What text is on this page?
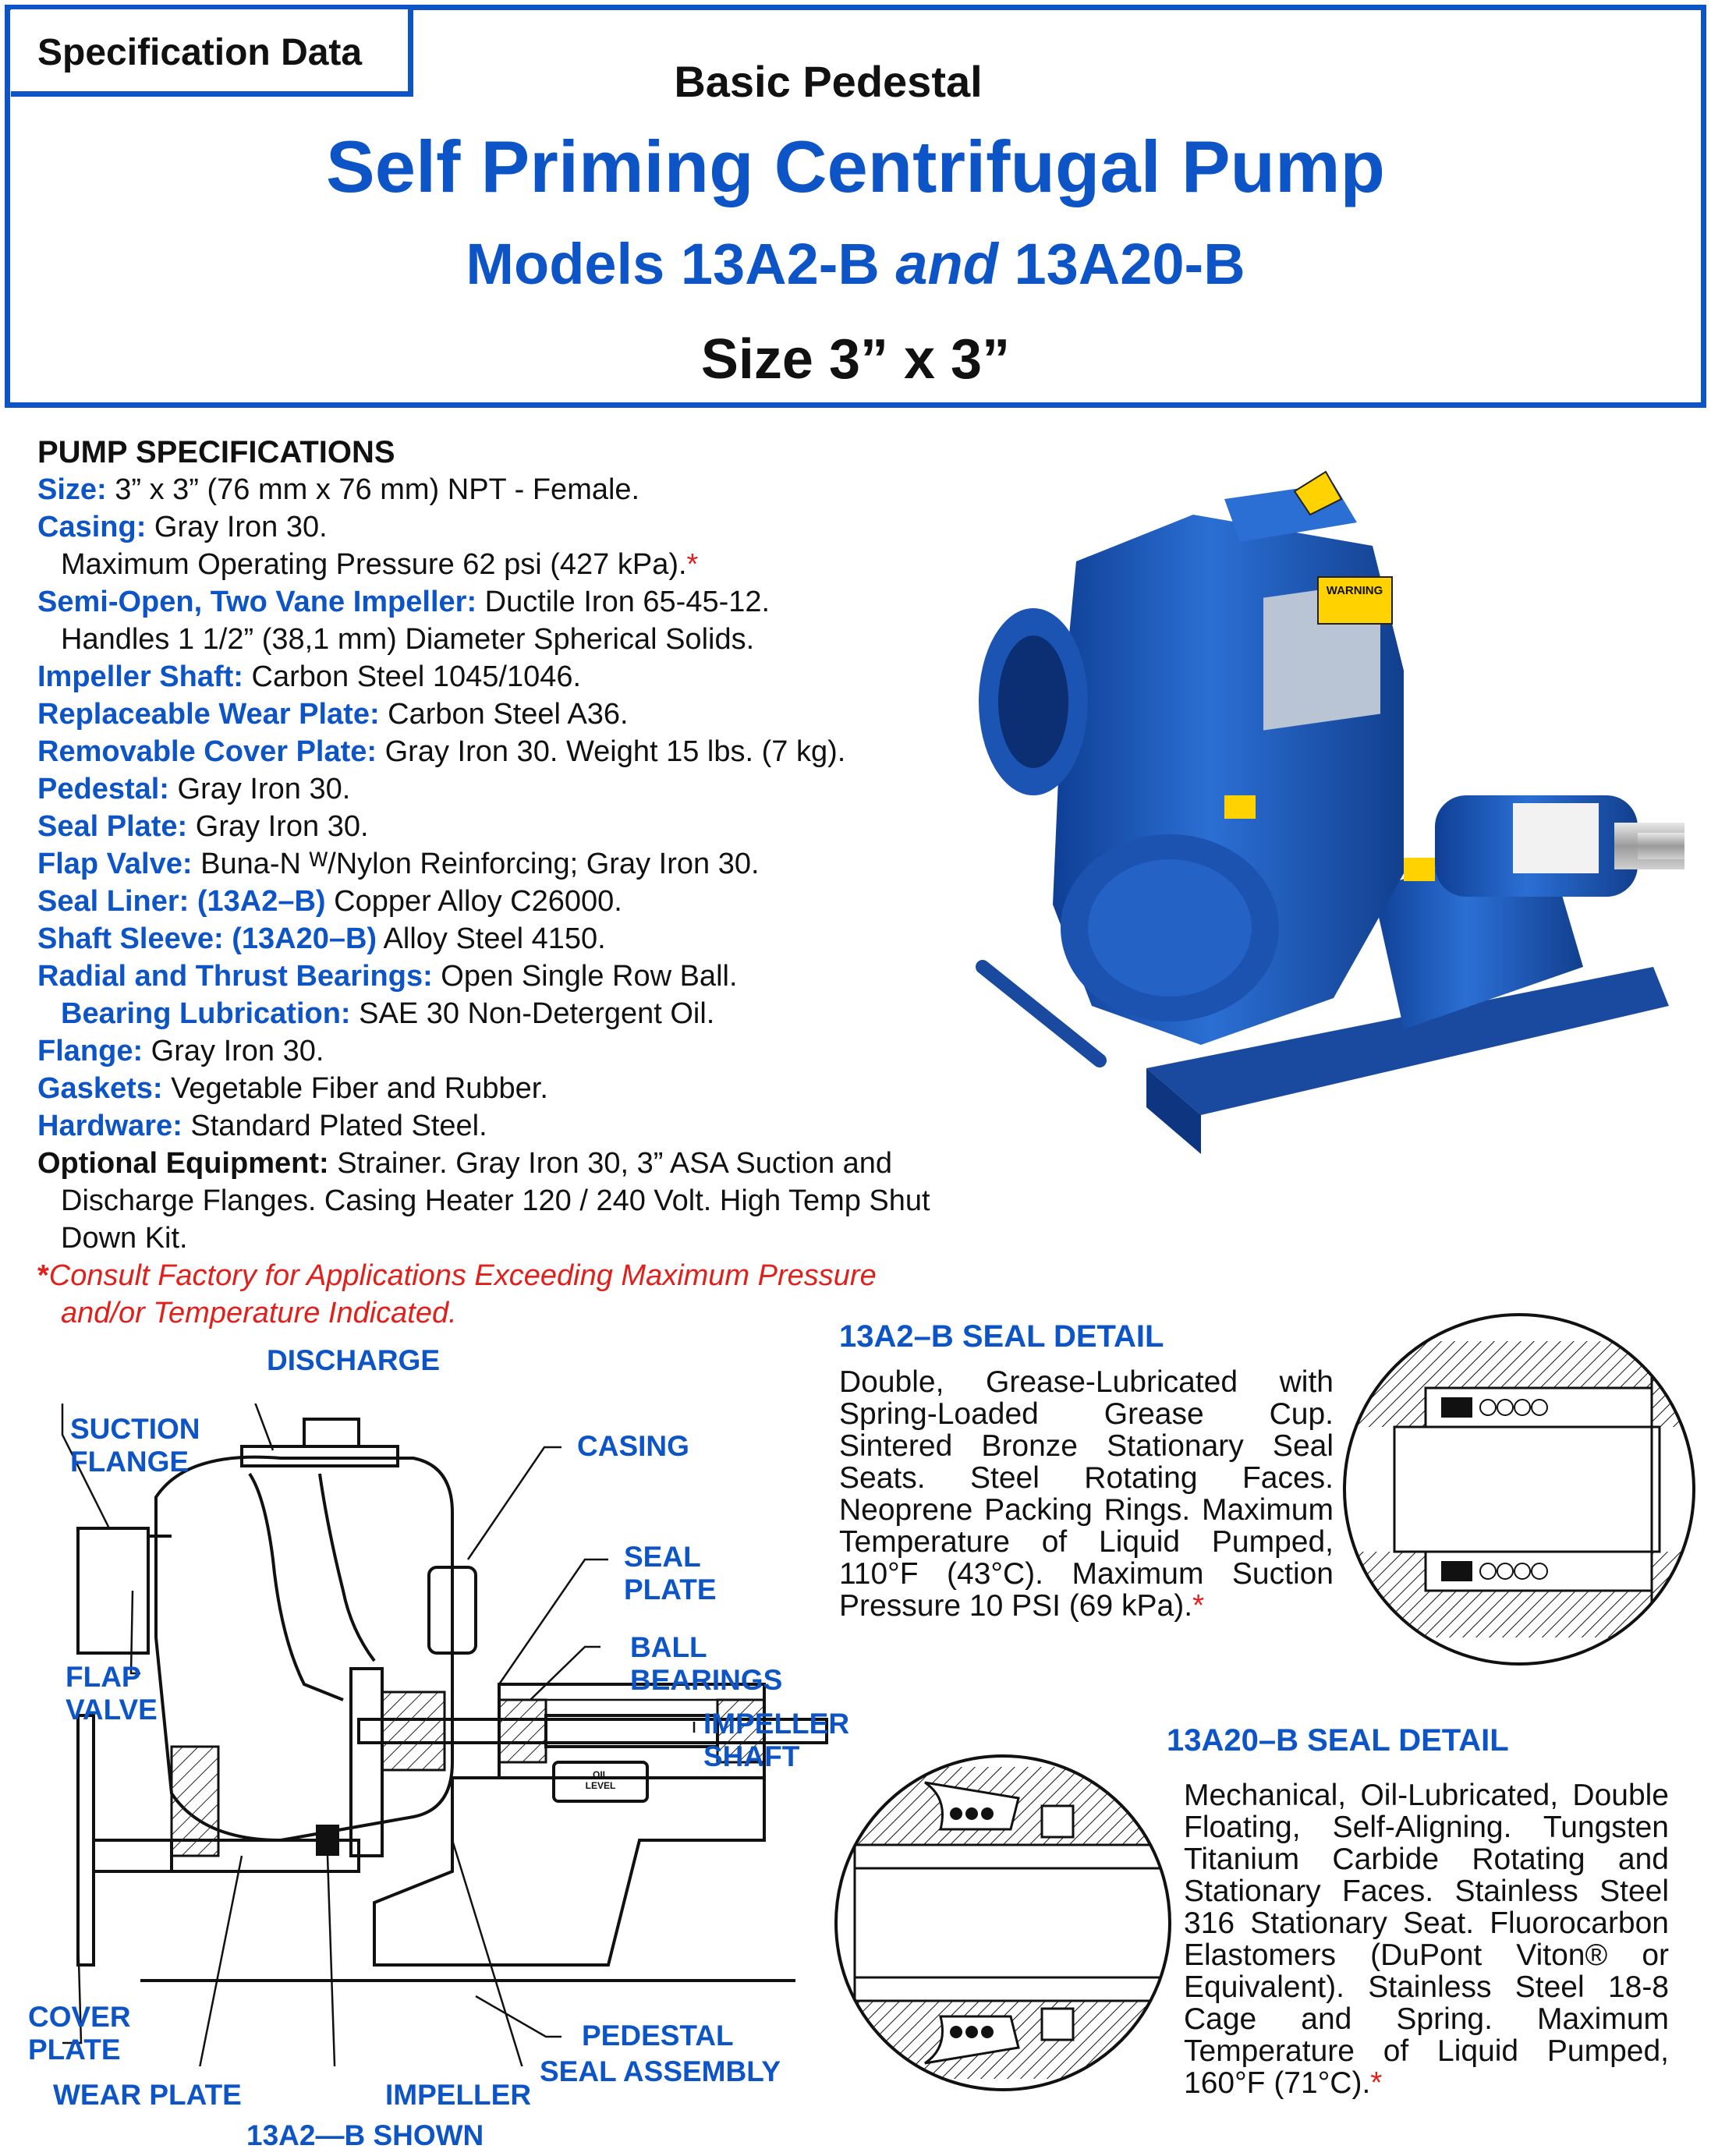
Specification Data
Basic Pedestal
Self Priming Centrifugal Pump
Models 13A2-B and 13A20-B
Size 3” x 3”
PUMP SPECIFICATIONS
Size: 3” x 3” (76 mm x 76 mm) NPT - Female.
Casing: Gray Iron 30.
Maximum Operating Pressure 62 psi (427 kPa).*
Semi-Open, Two Vane Impeller: Ductile Iron 65-45-12.
Handles 1 1/2” (38,1 mm) Diameter Spherical Solids.
Impeller Shaft: Carbon Steel 1045/1046.
Replaceable Wear Plate: Carbon Steel A36.
Removable Cover Plate: Gray Iron 30. Weight 15 lbs. (7 kg).
Pedestal: Gray Iron 30.
Seal Plate: Gray Iron 30.
Flap Valve: Buna-N ᵂ/Nylon Reinforcing; Gray Iron 30.
Seal Liner: (13A2–B) Copper Alloy C26000.
Shaft Sleeve: (13A20–B) Alloy Steel 4150.
Radial and Thrust Bearings: Open Single Row Ball.
Bearing Lubrication: SAE 30 Non-Detergent Oil.
Flange: Gray Iron 30.
Gaskets: Vegetable Fiber and Rubber.
Hardware: Standard Plated Steel.
Optional Equipment: Strainer. Gray Iron 30, 3” ASA Suction and Discharge Flanges. Casing Heater 120 / 240 Volt. High Temp Shut Down Kit.
*Consult Factory for Applications Exceeding Maximum Pressure and/or Temperature Indicated.
WARNING
13A2–B SEAL DETAIL
Double, Grease-Lubricated with Spring-Loaded Grease Cup. Sintered Bronze Stationary Seal Seats. Steel Rotating Faces. Neoprene Packing Rings. Maximum Temperature of Liquid Pumped, 110°F (43°C). Maximum Suction Pressure 10 PSI (69 kPa).*
13A20–B SEAL DETAIL
Mechanical, Oil-Lubricated, Double Floating, Self-Aligning. Tungsten Titanium Carbide Rotating and Stationary Faces. Stainless Steel 316 Stationary Seat. Fluorocarbon Elastomers (DuPont Viton® or Equivalent). Stainless Steel 18-8 Cage and Spring. Maximum Temperature of Liquid Pumped, 160°F (71°C).*
OIL LEVEL
DISCHARGE
SUCTION
FLANGE	CASING
SEAL
PLATE
BALL
BEARINGS
IMPELLER
SHAFT
FLAP
VALVE
COVER
PLATE
WEAR PLATE	IMPELLER
PEDESTAL
SEAL ASSEMBLY
13A2—B SHOWN
